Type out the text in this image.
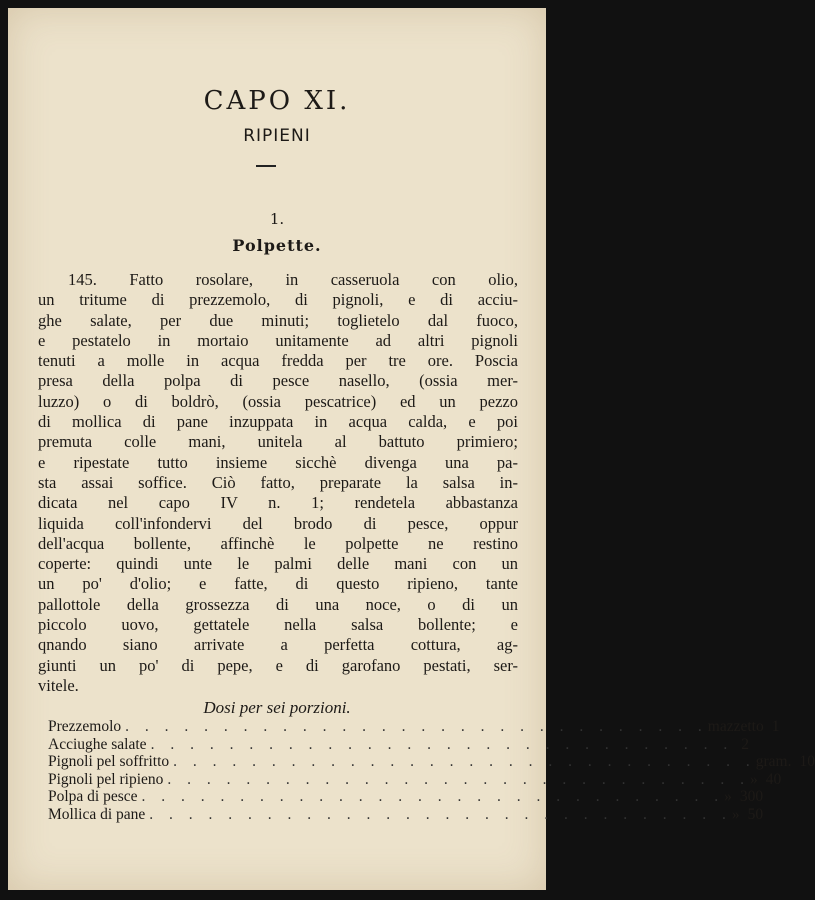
CAPO XI.
RIPIENI
1.
Polpette.
145. Fatto rosolare, in casseruola con olio,
un tritume di prezzemolo, di pignoli, e di acciu-
ghe salate, per due minuti; toglietelo dal fuoco,
e pestatelo in mortaio unitamente ad altri pignoli
tenuti a molle in acqua fredda per tre ore. Poscia
presa della polpa di pesce nasello, (ossia mer-
luzzo) o di boldrò, (ossia pescatrice) ed un pezzo
di mollica di pane inzuppata in acqua calda, e poi
premuta colle mani, unitela al battuto primiero;
e ripestate tutto insieme sicchè divenga una pa-
sta assai soffice. Ciò fatto, preparate la salsa in-
dicata nel capo IV n. 1; rendetela abbastanza
liquida coll'infondervi del brodo di pesce, oppur
dell'acqua bollente, affinchè le polpette ne restino
coperte: quindi unte le palmi delle mani con un
un po' d'olio; e fatte, di questo ripieno, tante
pallottole della grossezza di una noce, o di un
piccolo uovo, gettatele nella salsa bollente; e
qnando siano arrivate a perfetta cottura, ag-
giunti un po' di pepe, e di garofano pestati, ser-
vitele.
Dosi per sei porzioni.
Prezzemolo . . . . . . . . . . . . . . . . . . . . . . . . . . . . . . mazzetto 1
Acciughe salate . . . . . . . . . . . . . . . . . . . . . . . . . . . . . . 2
Pignoli pel soffritto . . . . . . . . . . . . . . . . . . . . . . . . . . . . . . gram. 10
Pignoli pel ripieno . . . . . . . . . . . . . . . . . . . . . . . . . . . . . . » 40
Polpa di pesce . . . . . . . . . . . . . . . . . . . . . . . . . . . . . . » 300
Mollica di pane . . . . . . . . . . . . . . . . . . . . . . . . . . . . . . » 50
